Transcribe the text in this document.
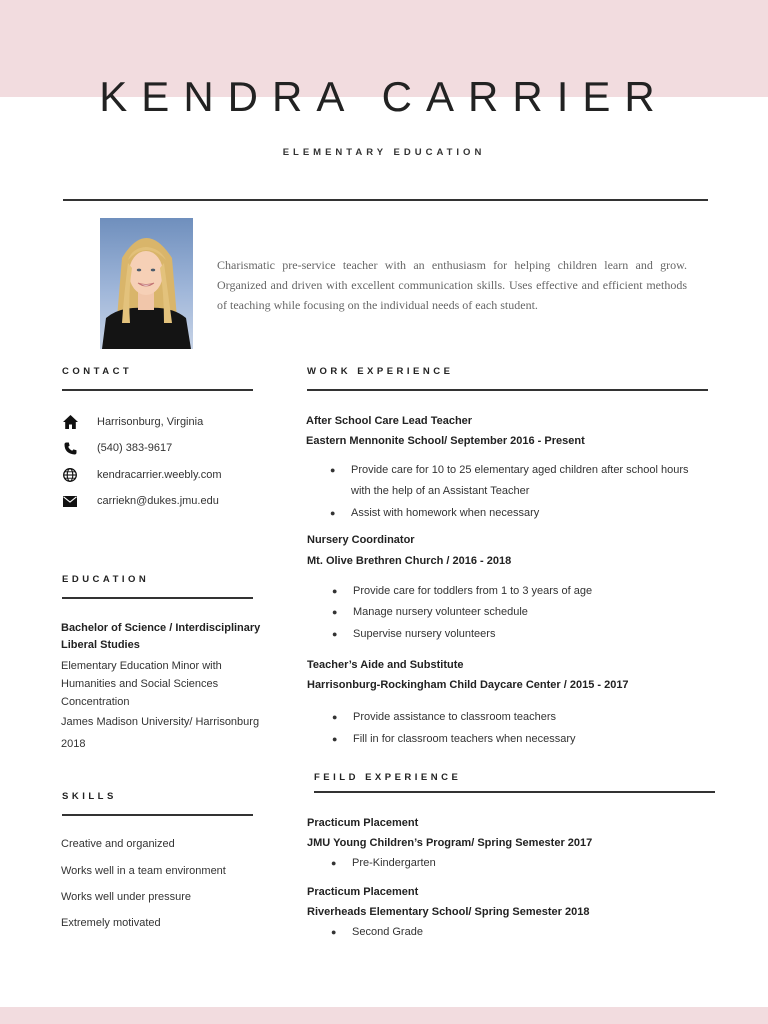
KENDRA CARRIER
ELEMENTARY EDUCATION
Charismatic pre-service teacher with an enthusiasm for helping children learn and grow. Organized and driven with excellent communication skills. Uses effective and efficient methods of teaching while focusing on the individual needs of each student.
CONTACT
Harrisonburg, Virginia
(540) 383-9617
kendracarrier.weebly.com
carriekn@dukes.jmu.edu
EDUCATION
Bachelor of Science / Interdisciplinary
Liberal Studies
Elementary Education Minor with
Humanities and Social Sciences
Concentration
James Madison University/ Harrisonburg
2018
SKILLS
Creative and organized
Works well in a team environment
Works well under pressure
Extremely motivated
WORK EXPERIENCE
After School Care Lead Teacher
Eastern Mennonite School/ September 2016 - Present
● Provide care for 10 to 25 elementary aged children after school hours
with the help of an Assistant Teacher
● Assist with homework when necessary
Nursery Coordinator
Mt. Olive Brethren Church / 2016 - 2018
● Provide care for toddlers from 1 to 3 years of age
● Manage nursery volunteer schedule
● Supervise nursery volunteers
Teacher’s Aide and Substitute
Harrisonburg-Rockingham Child Daycare Center / 2015 - 2017
● Provide assistance to classroom teachers
● Fill in for classroom teachers when necessary
FEILD EXPERIENCE
Practicum Placement
JMU Young Children’s Program/ Spring Semester 2017
● Pre-Kindergarten
Practicum Placement
Riverheads Elementary School/ Spring Semester 2018
● Second Grade
